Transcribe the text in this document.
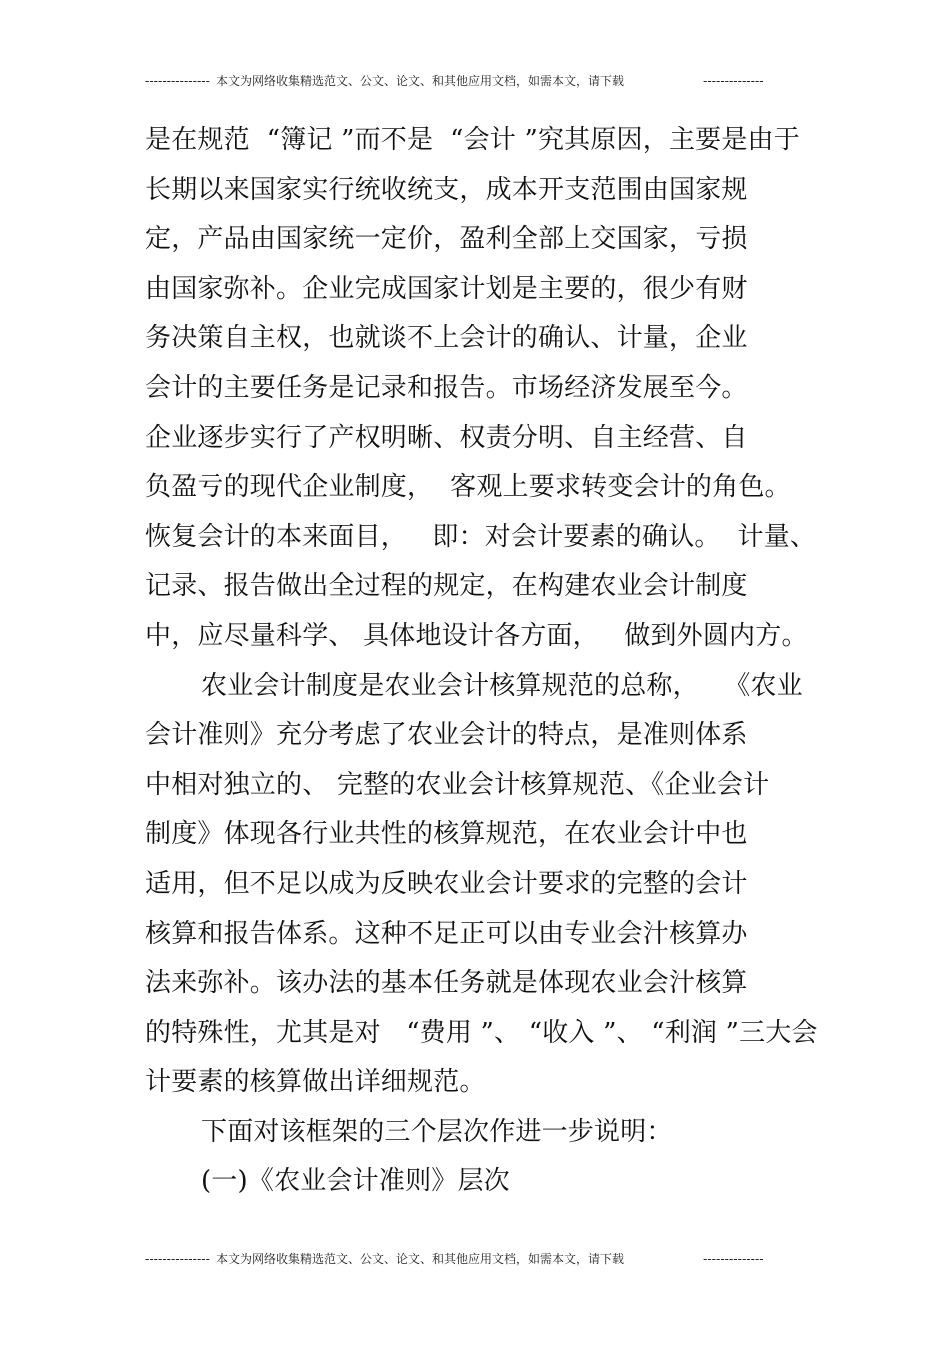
--------------- 本文为网络收集精选范文、公文、论文、和其他应用文档，如需本文，请下载	--------------
是在规范  “簿记 ”而不是  “会计 ”究其原因，主要是由于
长期以来国家实行统收统支，成本开支范围由国家规
定，产品由国家统一定价，盈利全部上交国家，亏损
由国家弥补。企业完成国家计划是主要的，很少有财
务决策自主权，也就谈不上会计的确认、计量，企业
会计的主要任务是记录和报告。市场经济发展至今。
企业逐步实行了产权明晰、权责分明、自主经营、自
负盈亏的现代企业制度，  客观上要求转变会计的角色。
恢复会计的本来面目，   即：对会计要素的确认。  计量、
记录、报告做出全过程的规定，在构建农业会计制度
中，应尽量科学、 具体地设计各方面，   做到外圆内方。
农业会计制度是农业会计核算规范的总称，   《农业
会计准则》充分考虑了农业会计的特点，是准则体系
中相对独立的、 完整的农业会计核算规范、《企业会计
制度》体现各行业共性的核算规范，在农业会计中也
适用，但不足以成为反映农业会计要求的完整的会计
核算和报告体系。这种不足正可以由专业会汁核算办
法来弥补。该办法的基本任务就是体现农业会汁核算
的特殊性，尤其是对   “费用 ”、 “收入 ”、 “利润 ”三大会
计要素的核算做出详细规范。
下面对该框架的三个层次作进一步说明：
(一)《农业会计准则》层次
--------------- 本文为网络收集精选范文、公文、论文、和其他应用文档，如需本文，请下载	--------------
